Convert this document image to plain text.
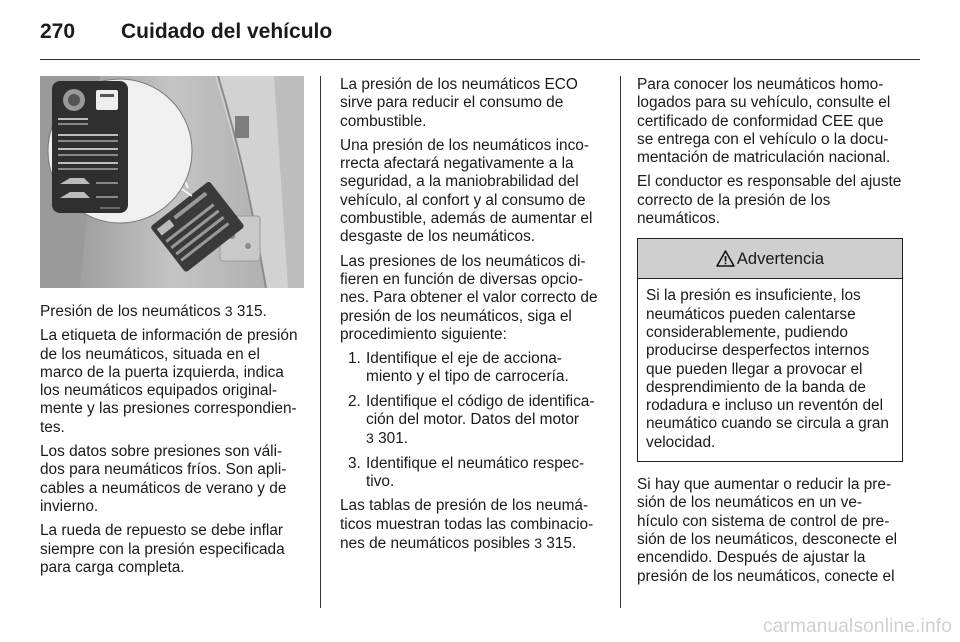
270 Cuidado del vehículo

Presión de los neumáticos 3 315.

La etiqueta de información de presión de los neumáticos, situada en el marco de la puerta izquierda, indica los neumáticos equipados original-mente y las presiones correspondien-tes.

Los datos sobre presiones son váli-dos para neumáticos fríos. Son apli-cables a neumáticos de verano y de invierno.

La rueda de repuesto se debe inflar siempre con la presión especificada para carga completa.

La presión de los neumáticos ECO sirve para reducir el consumo de combustible.

Una presión de los neumáticos inco-rrecta afectará negativamente a la seguridad, a la maniobrabilidad del vehículo, al confort y al consumo de combustible, además de aumentar el desgaste de los neumáticos.

Las presiones de los neumáticos di-fieren en función de diversas opcio-nes. Para obtener el valor correcto de presión de los neumáticos, siga el procedimiento siguiente:

1. Identifique el eje de acciona-miento y el tipo de carrocería.
2. Identifique el código de identifica-ción del motor. Datos del motor
3 301.
3. Identifique el neumático respec-tivo.

Las tablas de presión de los neumá-ticos muestran todas las combinacio-nes de neumáticos posibles 3 315.

Para conocer los neumáticos homo-logados para su vehículo, consulte el certificado de conformidad CEE que se entrega con el vehículo o la docu-mentación de matriculación nacional.

El conductor es responsable del ajuste correcto de la presión de los neumáticos.

Advertencia
Si la presión es insuficiente, los neumáticos pueden calentarse considerablemente, pudiendo producirse desperfectos internos que pueden llegar a provocar el desprendimiento de la banda de rodadura e incluso un reventón del neumático cuando se circula a gran velocidad.

Si hay que aumentar o reducir la pre-sión de los neumáticos en un ve-hículo con sistema de control de pre-sión de los neumáticos, desconecte el encendido. Después de ajustar la presión de los neumáticos, conecte el

carmanualsonline.info
